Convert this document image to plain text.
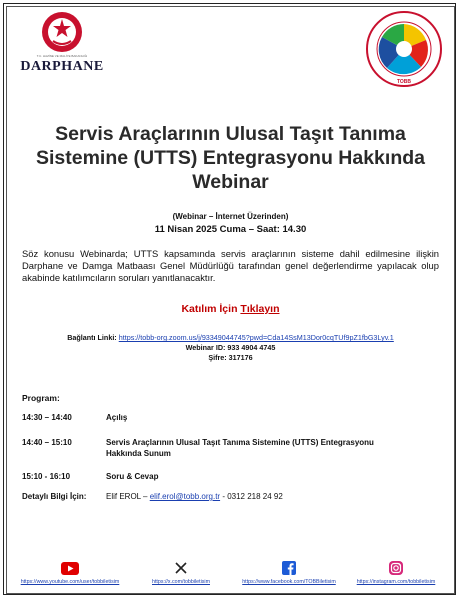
T.C. HAZİNE VE MALİYE BAKANLIĞI
DARPHANE
TOBB
Servis Araçlarının Ulusal Taşıt Tanıma
Sistemine (UTTS) Entegrasyonu Hakkında
Webinar
(Webinar – İnternet Üzerinden)
11 Nisan 2025 Cuma – Saat: 14.30
Söz konusu Webinarda; UTTS kapsamında servis araçlarının sisteme dahil edilmesine ilişkin Darphane ve Damga Matbaası Genel Müdürlüğü tarafından genel değerlendirme yapılacak olup akabinde katılımcıların soruları yanıtlanacaktır.
Katılım İçin Tıklayın
Bağlantı Linki: https://tobb-org.zoom.us/j/93349044745?pwd=Cda14SsM13Dor0cqTUf9pZ1fbG3Lyv.1
Webinar ID: 933 4904 4745
Şifre: 317176
Program:
14:30 – 14:40	Açılış
14:40 – 15:10	Servis Araçlarının Ulusal Taşıt Tanıma Sistemine (UTTS) Entegrasyonu
Hakkında Sunum
15:10 - 16:10	Soru & Cevap
Detaylı Bilgi İçin: Elif EROL – elif.erol@tobb.org.tr - 0312 218 24 92
https://www.youtube.com/user/tobbiletisim	https://x.com/tobbiletisim	https://www.facebook.com/TOBBiletisim	https://instagram.com/tobbiletisim
